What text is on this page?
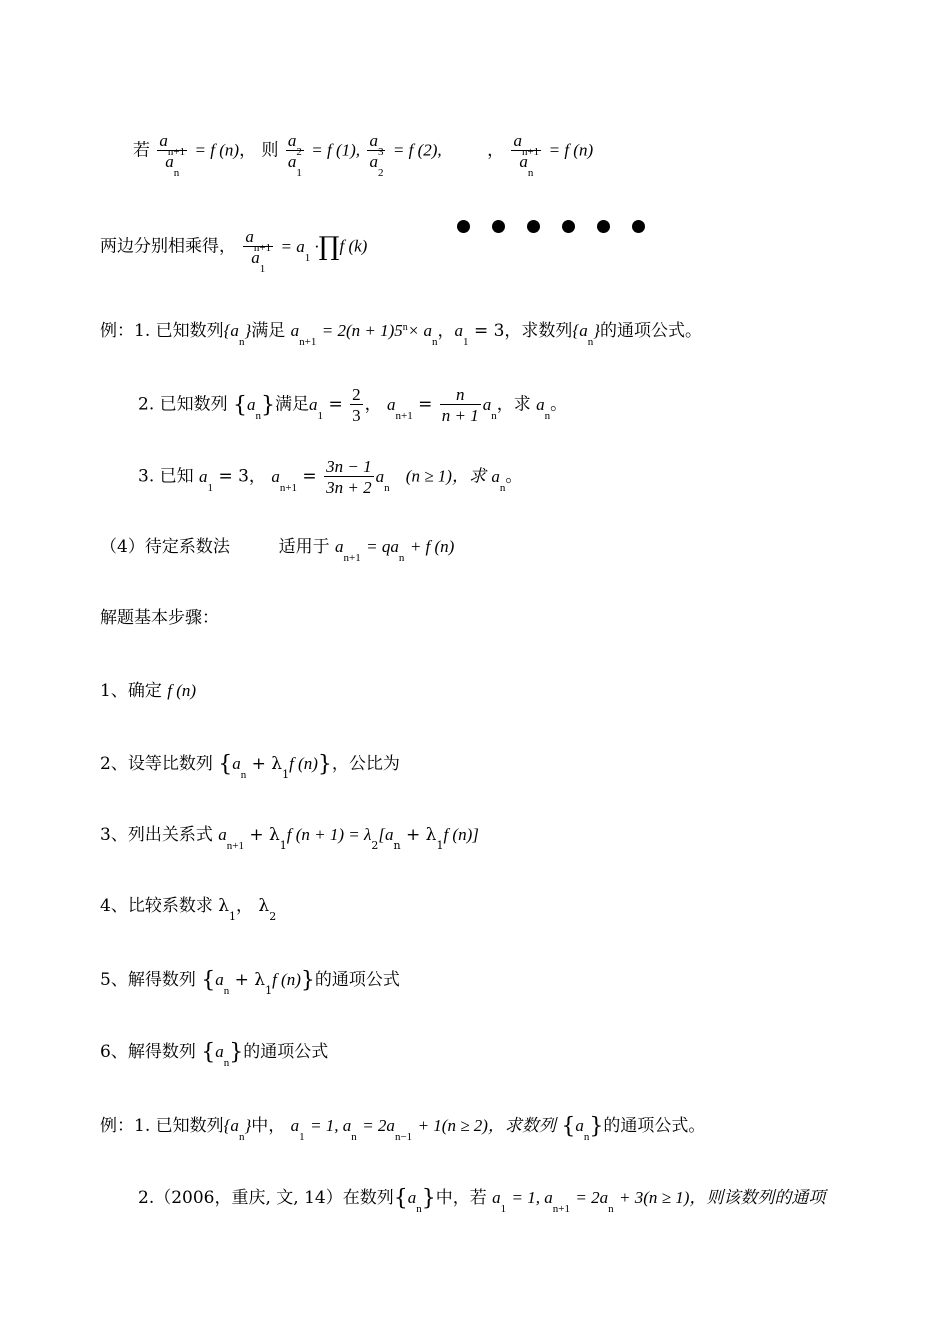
若 $\frac{a_{n+1}}{a_n} = f$ (n)， 则 $\frac{a_2}{a_1} = f$ (1), $\frac{a_3}{a_2} = f$ (2),	， $\frac{a_{n+1}}{a_n} = f$ (n)
两边分别相乘得， $\frac{a_{n+1}}{a_1} = a_1$ ·∏f (k)
例：1. 已知数列$\{a_n\}$满足 $a_{n+1} = 2(n + 1)5^n\times a_n$，$a_1 = 3$，求数列$\{a_n\}$的通项公式。
2. 已知数列 $\{a_n\}$满足$a_1 = \frac{2}{3}$ ， $a_{n+1} = \frac{n}{n + 1} a_n$，求 $a_n$。
3. 已知 $a_1 = 3$， $a_{n+1} = \frac{3n - 1}{3n + 2} a_n$   (n ≥ 1)，求 $a_n$。
（4）待定系数法	适用于 $a_{n+1} = qa_n + f$ (n)
解题基本步骤：
1、确定 f (n)
2、设等比数列 {$a_n + \lambda_1f$ (n)}，公比为
3、列出关系式 $a_{n+1} + \lambda_1f$ $(n + 1) = \lambda_2[a_n + \lambda_1f$ (n)]
4、比较系数求 $\lambda_1$， $\lambda_2$
5、解得数列 {$a_n + \lambda_1f$ (n)}的通项公式
6、解得数列 $\{a_n\}$的通项公式
例：1. 已知数列$\{a_n\}$中， $a_1 = 1$, $a_n = 2a_{n-1} + 1(n \ge 2)$，求数列 $\{a_n\}$的通项公式。
2.（2006，重庆, 文, 14）在数列$\{a_n\}$中，若 $a_1 = 1$, $a_{n+1} = 2a_n + 3(n \ge 1)$，则该数列的通项
